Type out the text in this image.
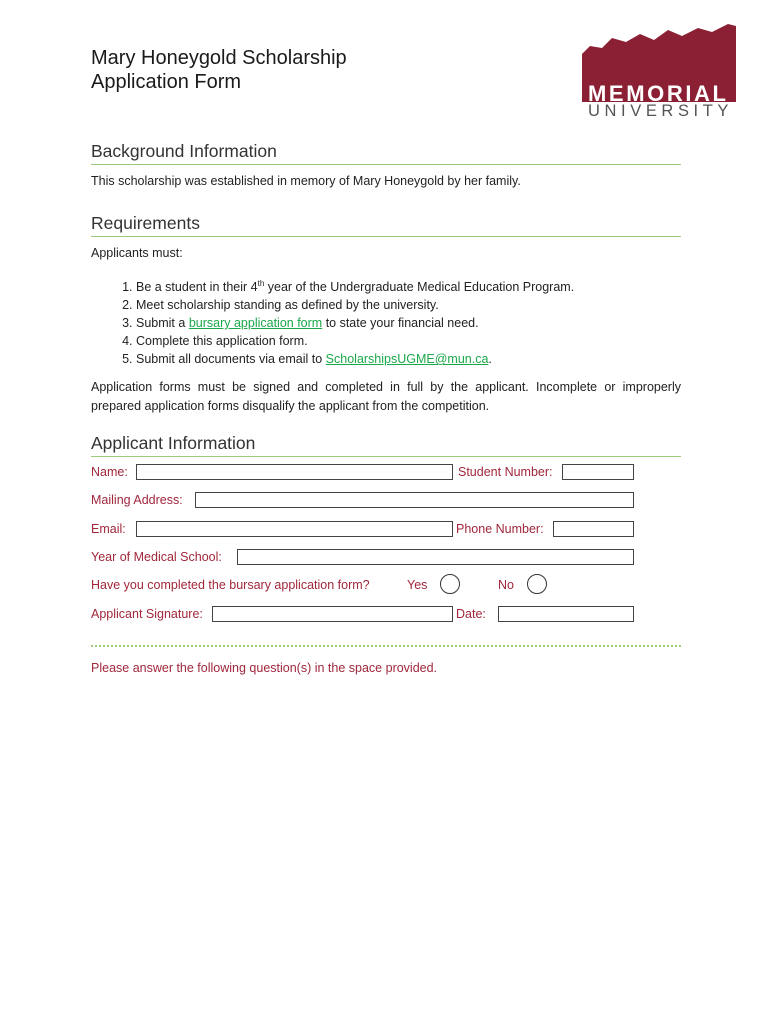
Mary Honeygold Scholarship
Application Form	MEMORIAL
UNIVERSITY
Background Information
This scholarship was established in memory of Mary Honeygold by her family.
Requirements
Applicants must:
1. Be a student in their 4th year of the Undergraduate Medical Education Program.
2. Meet scholarship standing as defined by the university.
3. Submit a bursary application form to state your financial need.
4. Complete this application form.
5. Submit all documents via email to ScholarshipsUGME@mun.ca.
Application forms must be signed and completed in full by the applicant. Incomplete or improperly prepared application forms disqualify the applicant from the competition.
Applicant Information
Name:	Student Number:
Mailing Address:
Email:	Phone Number:
Year of Medical School:
Have you completed the bursary application form?	Yes	No
Applicant Signature:	Date:
Please answer the following question(s) in the space provided.
